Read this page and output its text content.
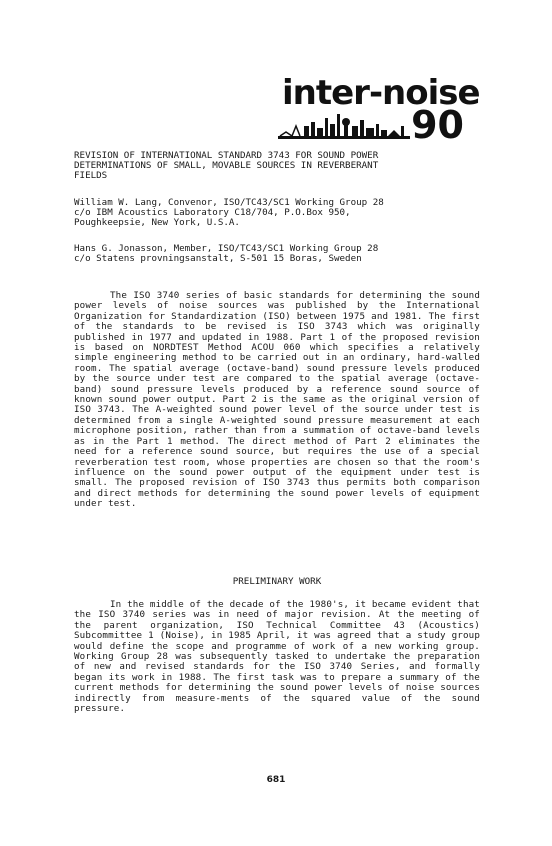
inter-noise
90
REVISION OF INTERNATIONAL STANDARD 3743 FOR SOUND POWER
DETERMINATIONS OF SMALL, MOVABLE SOURCES IN REVERBERANT
FIELDS
William W. Lang, Convenor, ISO/TC43/SC1 Working Group 28
c/o IBM Acoustics Laboratory C18/704, P.O.Box 950,
Poughkeepsie, New York, U.S.A.
Hans G. Jonasson, Member, ISO/TC43/SC1 Working Group 28
c/o Statens provningsanstalt, S-501 15 Boras, Sweden
The ISO 3740 series of basic standards for determining the sound power levels of noise sources was published by the International Organization for Standardization (ISO) between 1975 and 1981. The first of the standards to be revised is ISO 3743 which was originally published in 1977 and updated in 1988. Part 1 of the proposed revision is based on NORDTEST Method ACOU 060 which specifies a relatively simple engineering method to be carried out in an ordinary, hard-walled room. The spatial average (octave-band) sound pressure levels produced by the source under test are compared to the spatial average (octave-band) sound pressure levels produced by a reference sound source of known sound power output. Part 2 is the same as the original version of ISO 3743. The A-weighted sound power level of the source under test is determined from a single A-weighted sound pressure measurement at each microphone position, rather than from a summation of octave-band levels as in the Part 1 method. The direct method of Part 2 eliminates the need for a reference sound source, but requires the use of a special reverberation test room, whose properties are chosen so that the room's influence on the sound power output of the equipment under test is small. The proposed revision of ISO 3743 thus permits both comparison and direct methods for determining the sound power levels of equipment under test.
PRELIMINARY WORK
In the middle of the decade of the 1980's, it became evident that the ISO 3740 series was in need of major revision. At the meeting of the parent organization, ISO Technical Committee 43 (Acoustics) Subcommittee 1 (Noise), in 1985 April, it was agreed that a study group would define the scope and programme of work of a new working group. Working Group 28 was subsequently tasked to undertake the preparation of new and revised standards for the ISO 3740 Series, and formally began its work in 1988. The first task was to prepare a summary of the current methods for determining the sound power levels of noise sources indirectly from measure-ments of the squared value of the sound pressure.
681
